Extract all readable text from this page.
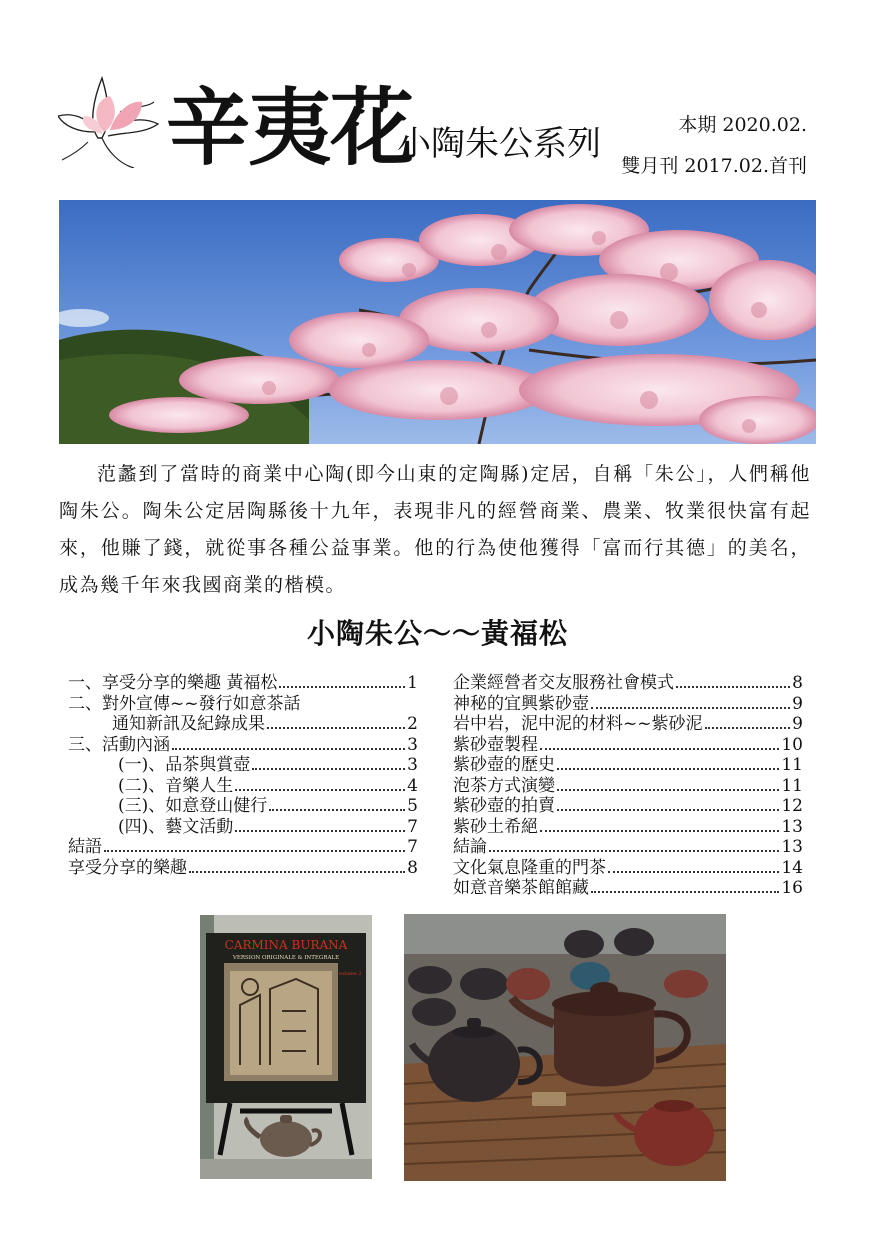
辛夷花
小陶朱公系列	本期 2020.02.
雙月刊 2017.02.首刊
范蠡到了當時的商業中心陶(即今山東的定陶縣)定居，自稱「朱公」，人們稱他陶朱公。陶朱公定居陶縣後十九年，表現非凡的經營商業、農業、牧業很快富有起來，他賺了錢，就從事各種公益事業。他的行為使他獲得「富而行其德」的美名，成為幾千年來我國商業的楷模。
小陶朱公～～黃福松
一、享受分享的樂趣 黃福松	1
二、對外宣傳~~發行如意茶話
通知新訊及紀錄成果	2
三、活動內涵	3
(一)、品茶與賞壺	3
(二)、音樂人生	4
(三)、如意登山健行	5
(四)、藝文活動	7
結語	7
享受分享的樂趣	8
企業經營者交友服務社會模式	8
神秘的宜興紫砂壺	9
岩中岩，泥中泥的材料~~紫砂泥	9
紫砂壺製程	10
紫砂壺的歷史	11
泡茶方式演變	11
紫砂壺的拍賣	12
紫砂土希絕	13
結論	13
文化氣息隆重的門茶	14
如意音樂茶館館藏	16
CARMINA BURANA
VERSION ORIGINALE & INTEGRALE
volume 2
